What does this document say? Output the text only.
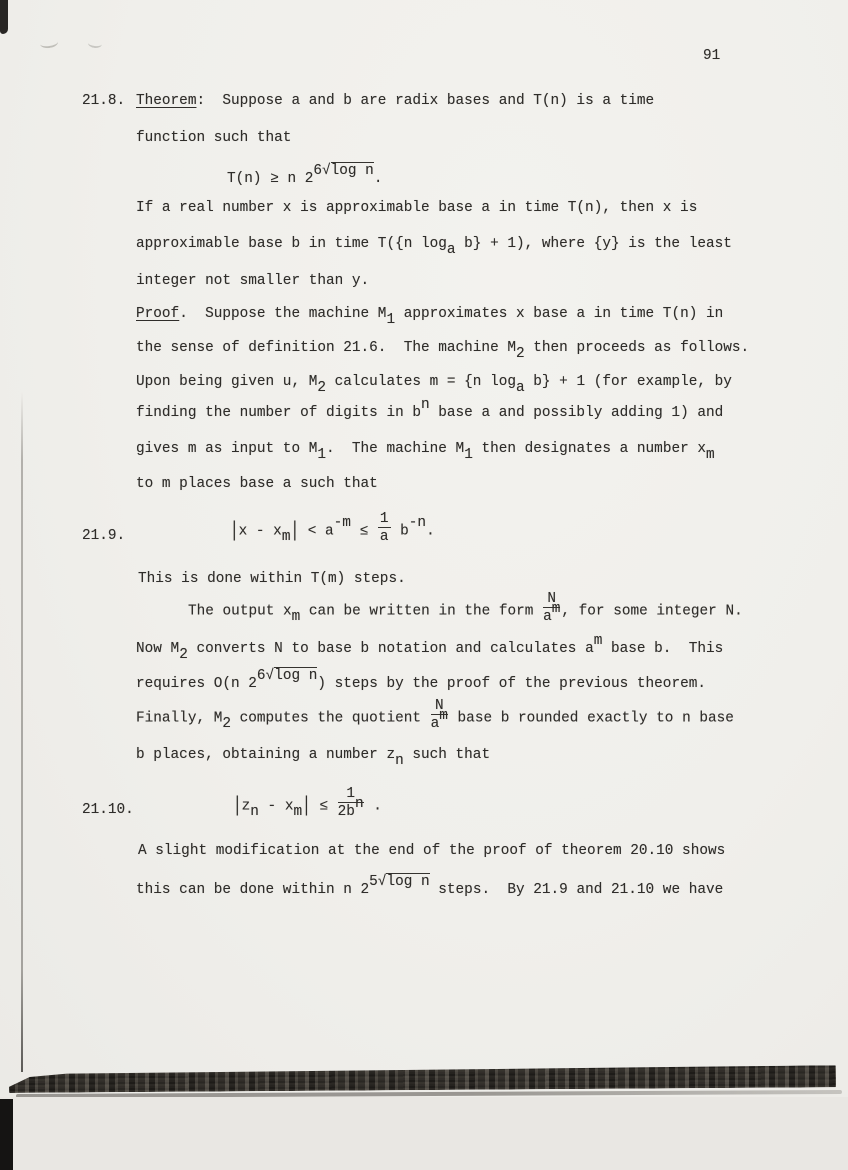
91
21.8. Theorem:  Suppose a and b are radix bases and T(n) is a time
function such that
T(n) ≥ n 26√log n.
If a real number x is approximable base a in time T(n), then x is
approximable base b in time T({n loga b} + 1), where {y} is the least
integer not smaller than y.
Proof.  Suppose the machine M1 approximates x base a in time T(n) in
the sense of definition 21.6.  The machine M2 then proceeds as follows.
Upon being given u, M2 calculates m = {n loga b} + 1 (for example, by
finding the number of digits in bn base a and possibly adding 1) and
gives m as input to M1.  The machine M1 then designates a number xm
to m places base a such that
21.9.	$|x - xm| < a-m \le \frac{1}{a} b-n$.
This is done within T(m) steps.
The output xm can be written in the form $\frac{N}{am}$ , for some integer N.
Now M2 converts N to base b notation and calculates am base b.  This
requires O(n 26√log n) steps by the proof of the previous theorem.
Finally, M2 computes the quotient $\frac{N}{am}$ base b rounded exactly to n base
b places, obtaining a number zn such that
21.10.	$|zn - xm| \le \frac{1}{2bn}$ .
A slight modification at the end of the proof of theorem 20.10 shows
this can be done within n 25√log n steps.  By 21.9 and 21.10 we have
